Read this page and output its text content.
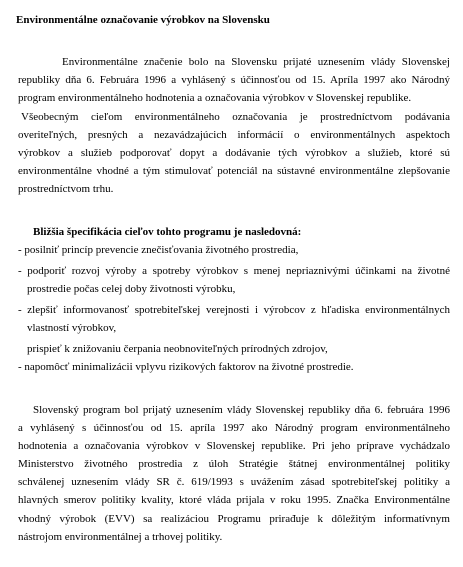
Environmentálne označovanie výrobkov na Slovensku
Environmentálne značenie bolo na Slovensku prijaté uznesením vlády Slovenskej
republiky dňa 6. Februára 1996 a vyhlásený s účinnosťou od 15. Apríla 1997 ako Národný
program environmentálneho hodnotenia a označovania výrobkov v Slovenskej republike.
Všeobecným cieľom environmentálneho označovania je prostredníctvom podávania
overiteľných, presných a nezavádzajúcich informácií o environmentálnych aspektoch
výrobkov a služieb podporovať dopyt a dodávanie tých výrobkov a služieb, ktoré sú
environmentálne vhodné a tým stimulovať potenciál na sústavné environmentálne zlepšovanie
prostredníctvom trhu.
Bližšia špecifikácia cieľov tohto programu je nasledovná:
- posilniť princíp prevencie znečisťovania životného prostredia,
- podporiť rozvoj výroby a spotreby výrobkov s menej nepriaznivými účinkami na životné
prostredie počas celej doby životnosti výrobku,
- zlepšiť informovanosť spotrebiteľskej verejnosti i výrobcov z hľadiska environmentálnych
vlastností výrobkov,
prispieť k znižovaniu čerpania neobnoviteľných prírodných zdrojov,
- napomôcť minimalizácii vplyvu rizikových faktorov na životné prostredie.
Slovenský program bol prijatý uznesením vlády Slovenskej republiky dňa 6. februára 1996
a vyhlásený s účinnosťou od 15. apríla 1997 ako Národný program environmentálneho
hodnotenia a označovania výrobkov v Slovenskej republike. Pri jeho príprave vychádzalo
Ministerstvo životného prostredia z úloh Stratégie štátnej environmentálnej politiky
schválenej uznesením vlády SR č. 619/1993 s uvážením zásad spotrebiteľskej politiky a
hlavných smerov politiky kvality, ktoré vláda prijala v roku 1995. Značka Environmentálne
vhodný výrobok (EVV) sa realizáciou Programu prirađuje k dôležitým informatívnym
nástrojom environmentálnej a trhovej politiky.
